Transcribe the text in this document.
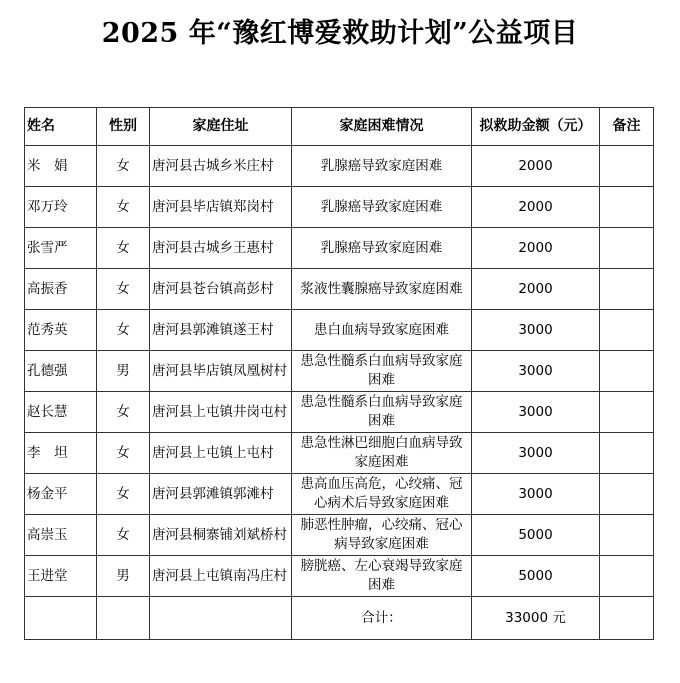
2025 年“豫红博爱救助计划”公益项目
姓名	性别	家庭住址	家庭困难情况	拟救助金额（元）	备注
米　娟	女	唐河县古城乡米庄村	乳腺癌导致家庭困难	2000	
邓万玲	女	唐河县毕店镇郑岗村	乳腺癌导致家庭困难	2000	
张雪严	女	唐河县古城乡王惠村	乳腺癌导致家庭困难	2000	
高振香	女	唐河县苍台镇高彭村	浆液性囊腺癌导致家庭困难	2000	
范秀英	女	唐河县郭滩镇遂王村	患白血病导致家庭困难	3000	
孔德强	男	唐河县毕店镇凤凰树村	患急性髓系白血病导致家庭困难	3000	
赵长慧	女	唐河县上屯镇井岗屯村	患急性髓系白血病导致家庭困难	3000	
李　坦	女	唐河县上屯镇上屯村	患急性淋巴细胞白血病导致家庭困难	3000	
杨金平	女	唐河县郭滩镇郭滩村	患高血压高危，心绞痛、冠心病术后导致家庭困难	3000	
高崇玉	女	唐河县桐寨铺刘斌桥村	肺恶性肿瘤，心绞痛、冠心病导致家庭困难	5000	
王进堂	男	唐河县上屯镇南冯庄村	膀胱癌、左心衰竭导致家庭困难	5000	
			合计：	33000 元	
